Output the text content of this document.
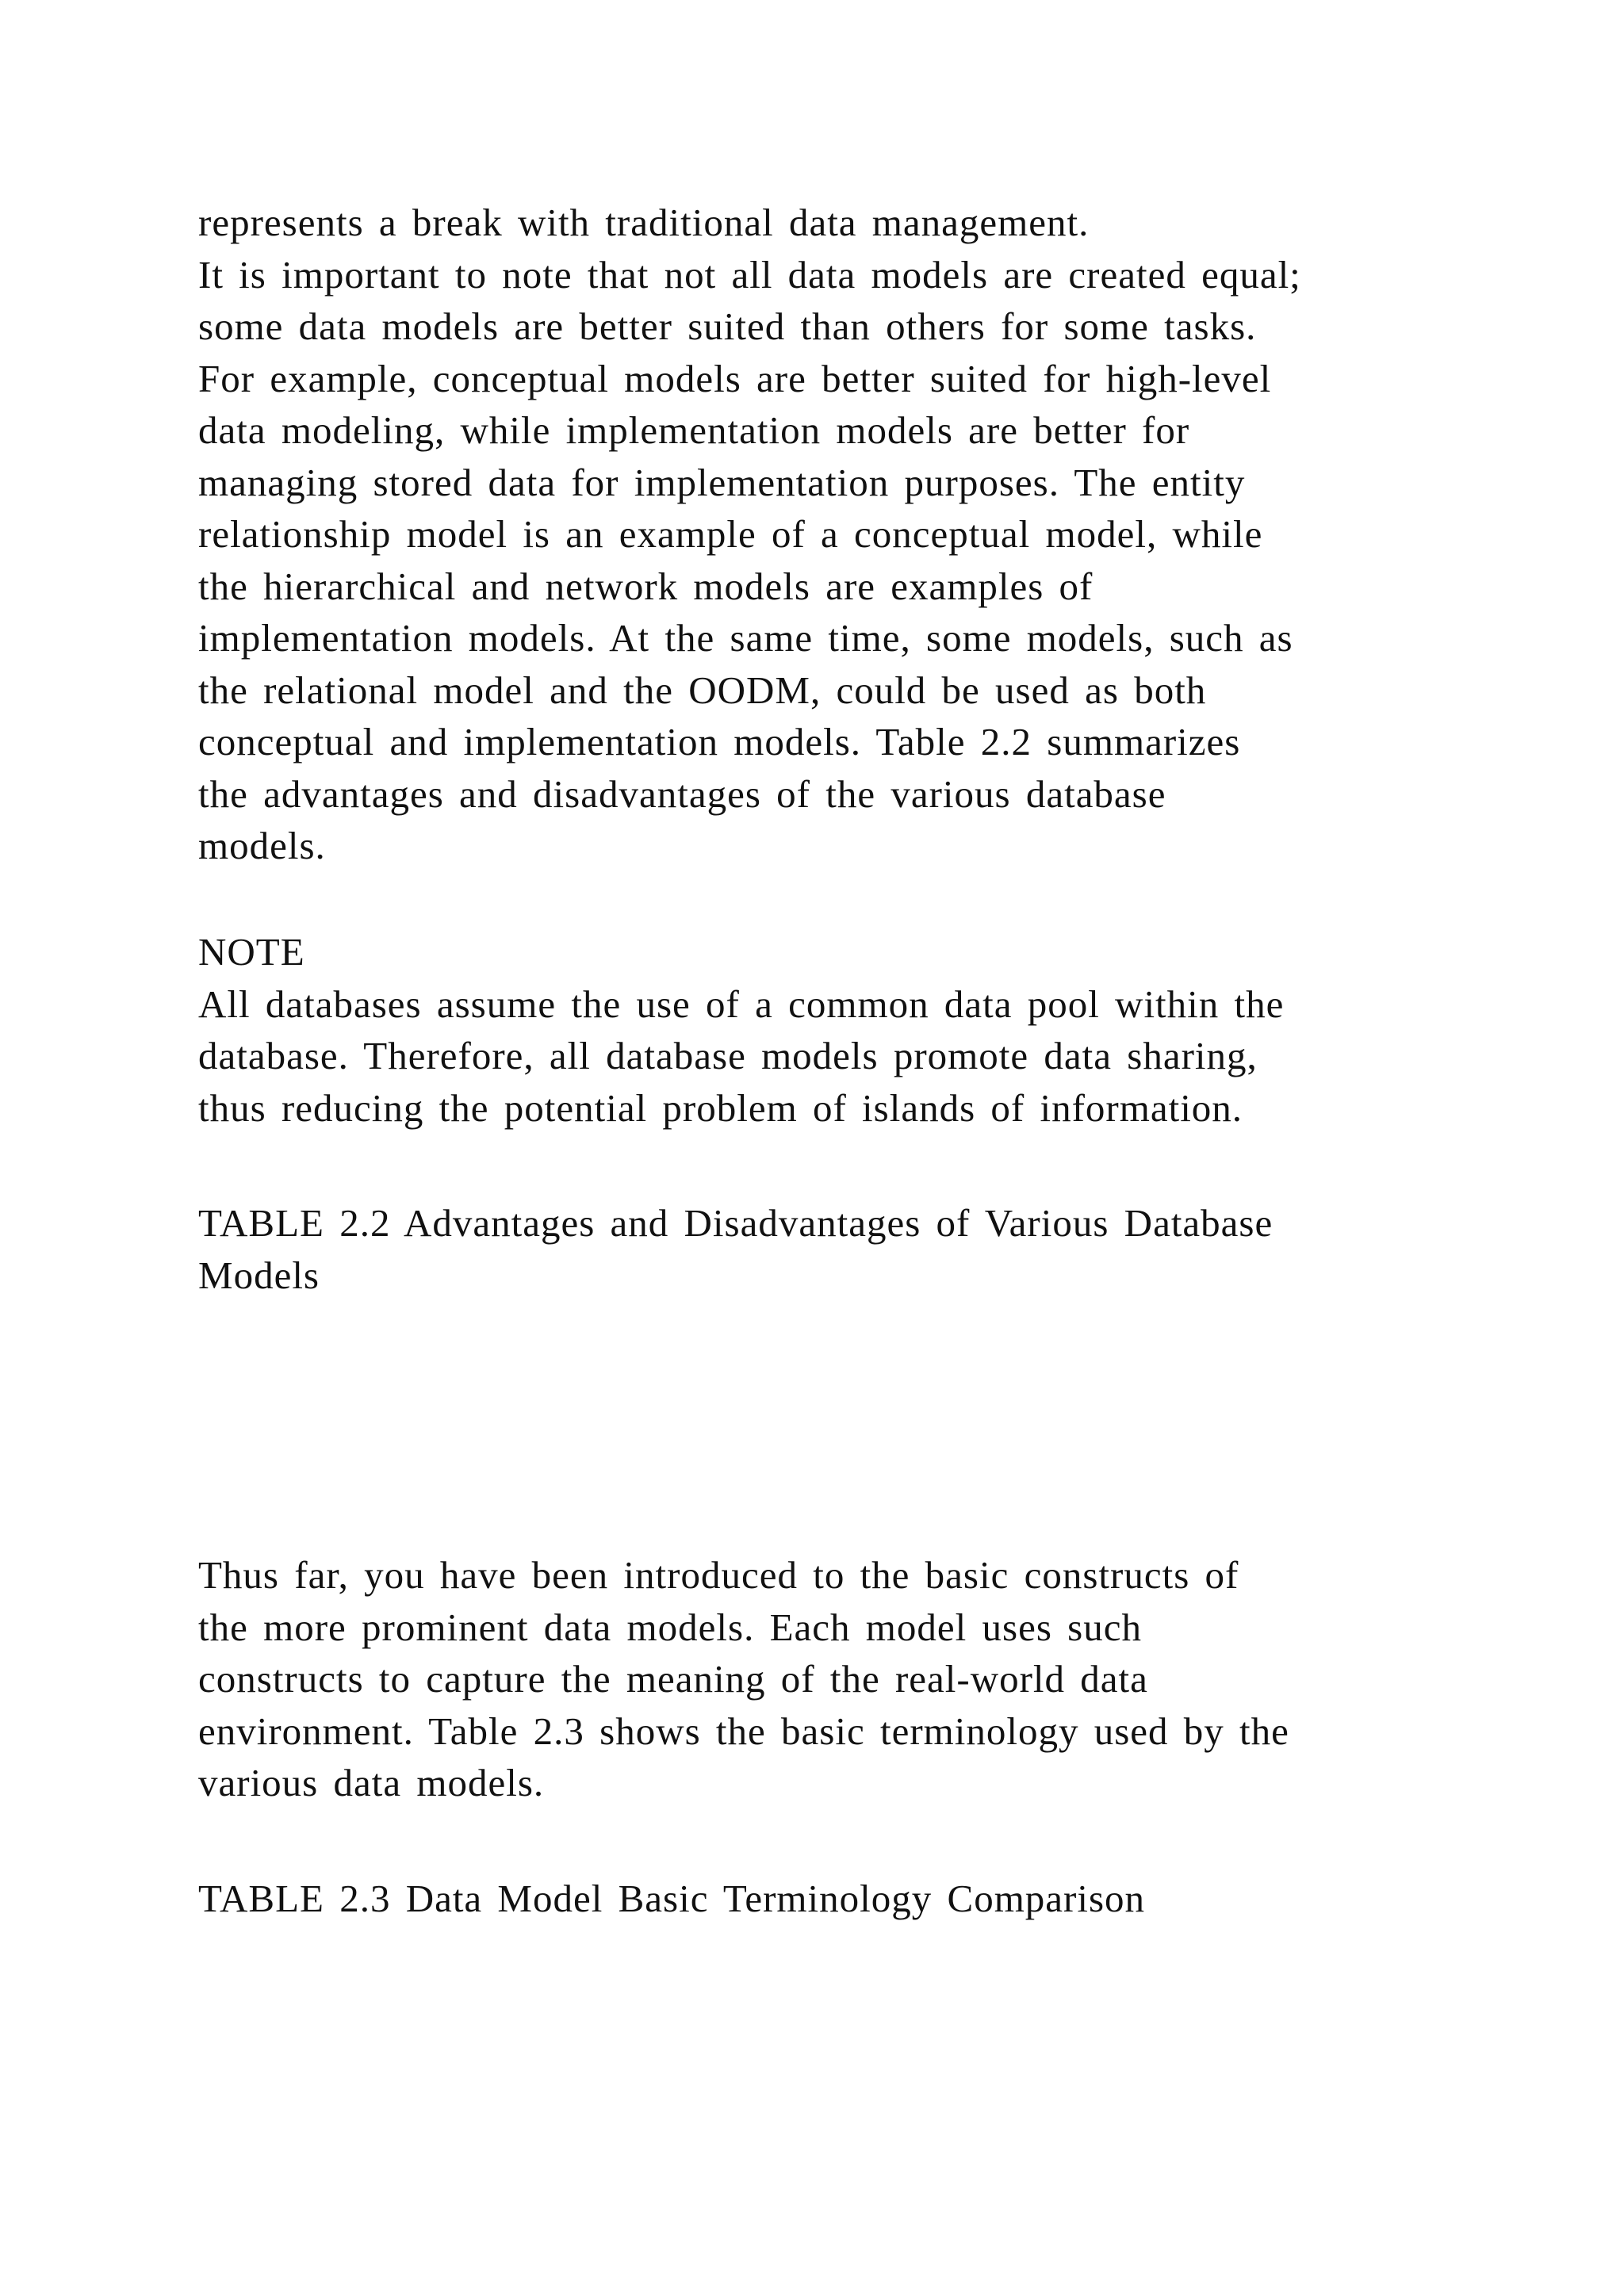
represents a break with traditional data management.
It is important to note that not all data models are created equal;
some data models are better suited than others for some tasks.
For example, conceptual models are better suited for high-level
data modeling, while implementation models are better for
managing stored data for implementation purposes. The entity
relationship model is an example of a conceptual model, while
the hierarchical and network models are examples of
implementation models. At the same time, some models, such as
the relational model and the OODM, could be used as both
conceptual and implementation models. Table 2.2 summarizes
the advantages and disadvantages of the various database
models.
NOTE
All databases assume the use of a common data pool within the
database. Therefore, all database models promote data sharing,
thus reducing the potential problem of islands of information.
TABLE 2.2 Advantages and Disadvantages of Various Database
Models
Thus far, you have been introduced to the basic constructs of
the more prominent data models. Each model uses such
constructs to capture the meaning of the real-world data
environment. Table 2.3 shows the basic terminology used by the
various data models.
TABLE 2.3 Data Model Basic Terminology Comparison
